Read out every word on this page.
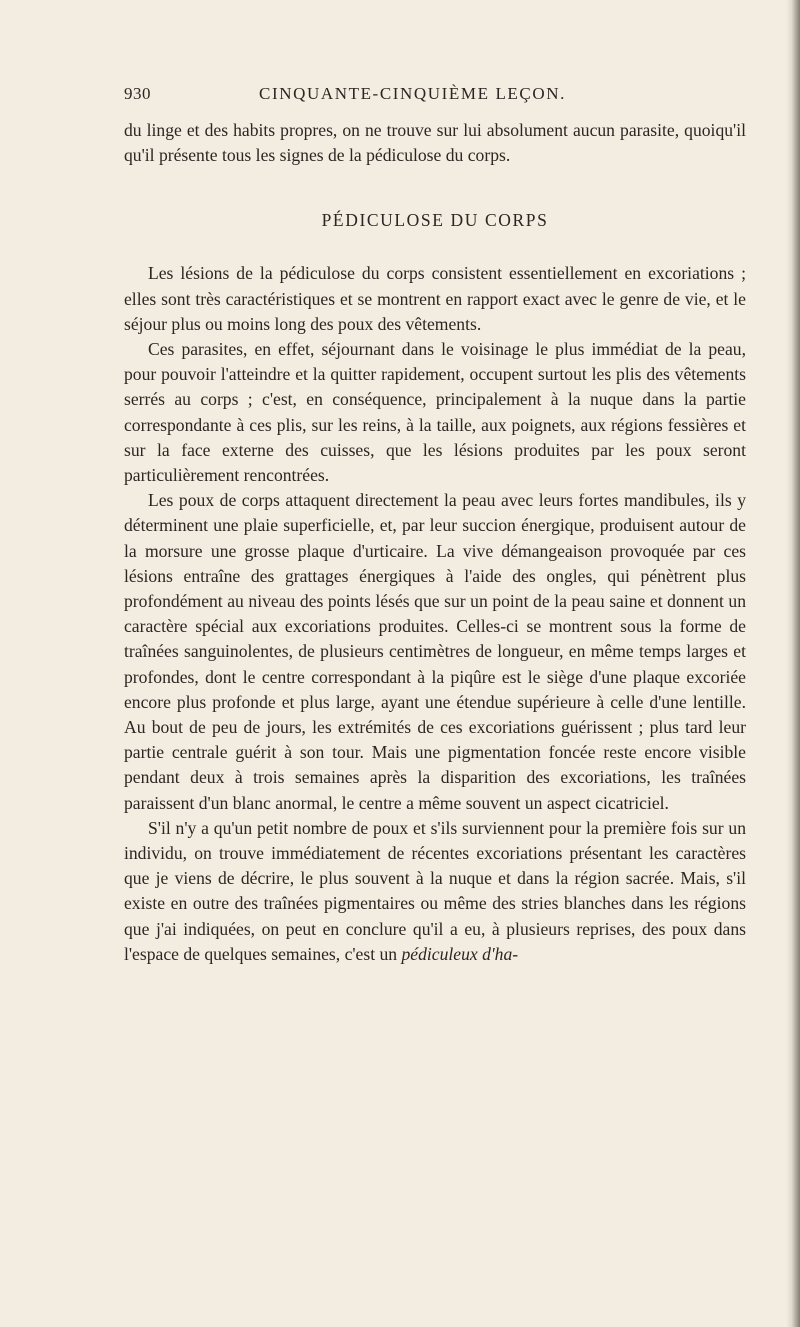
930	CINQUANTE-CINQUIÈME LEÇON.

du linge et des habits propres, on ne trouve sur lui absolument aucun parasite, quoiqu'il qu'il présente tous les signes de la pédiculose du corps.

PÉDICULOSE DU CORPS

Les lésions de la pédiculose du corps consistent essentiellement en excoriations ; elles sont très caractéristiques et se montrent en rapport exact avec le genre de vie, et le séjour plus ou moins long des poux des vêtements.

Ces parasites, en effet, séjournant dans le voisinage le plus immédiat de la peau, pour pouvoir l'atteindre et la quitter rapidement, occupent surtout les plis des vêtements serrés au corps ; c'est, en conséquence, principalement à la nuque dans la partie correspondante à ces plis, sur les reins, à la taille, aux poignets, aux régions fessières et sur la face externe des cuisses, que les lésions produites par les poux seront particulièrement rencontrées.

Les poux de corps attaquent directement la peau avec leurs fortes mandibules, ils y déterminent une plaie superficielle, et, par leur succion énergique, produisent autour de la morsure une grosse plaque d'urticaire. La vive démangeaison provoquée par ces lésions entraîne des grattages énergiques à l'aide des ongles, qui pénètrent plus profondément au niveau des points lésés que sur un point de la peau saine et donnent un caractère spécial aux excoriations produites. Celles-ci se montrent sous la forme de traînées sanguinolentes, de plusieurs centimètres de longueur, en même temps larges et profondes, dont le centre correspondant à la piqûre est le siège d'une plaque excoriée encore plus profonde et plus large, ayant une étendue supérieure à celle d'une lentille. Au bout de peu de jours, les extrémités de ces excoriations guérissent ; plus tard leur partie centrale guérit à son tour. Mais une pigmentation foncée reste encore visible pendant deux à trois semaines après la disparition des excoriations, les traînées paraissent d'un blanc anormal, le centre a même souvent un aspect cicatriciel.

S'il n'y a qu'un petit nombre de poux et s'ils surviennent pour la première fois sur un individu, on trouve immédiatement de récentes excoriations présentant les caractères que je viens de décrire, le plus souvent à la nuque et dans la région sacrée. Mais, s'il existe en outre des traînées pigmentaires ou même des stries blanches dans les régions que j'ai indiquées, on peut en conclure qu'il a eu, à plusieurs reprises, des poux dans l'espace de quelques semaines, c'est un pédiculeux d'ha-
